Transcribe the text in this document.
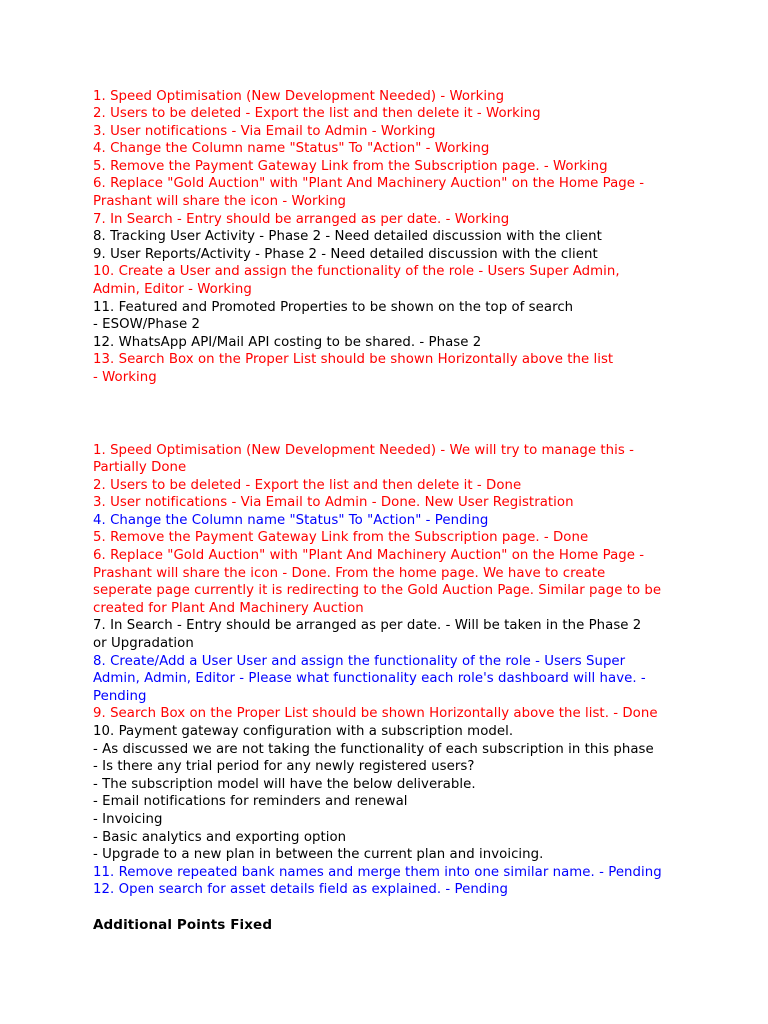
1. Speed Optimisation (New Development Needed) - Working
2. Users to be deleted - Export the list and then delete it - Working
3. User notifications - Via Email to Admin - Working
4. Change the Column name "Status" To "Action" - Working
5. Remove the Payment Gateway Link from the Subscription page. - Working
6. Replace "Gold Auction" with "Plant And Machinery Auction" on the Home Page -
Prashant will share the icon - Working
7. In Search - Entry should be arranged as per date. - Working
8. Tracking User Activity - Phase 2 - Need detailed discussion with the client
9. User Reports/Activity - Phase 2 - Need detailed discussion with the client
10. Create a User and assign the functionality of the role - Users Super Admin,
Admin, Editor - Working
11. Featured and Promoted Properties to be shown on the top of search
- ESOW/Phase 2
12. WhatsApp API/Mail API costing to be shared. - Phase 2
13. Search Box on the Proper List should be shown Horizontally above the list
- Working
1. Speed Optimisation (New Development Needed) - We will try to manage this -
Partially Done
2. Users to be deleted - Export the list and then delete it - Done
3. User notifications - Via Email to Admin - Done. New User Registration
4. Change the Column name "Status" To "Action" - Pending
5. Remove the Payment Gateway Link from the Subscription page. - Done
6. Replace "Gold Auction" with "Plant And Machinery Auction" on the Home Page -
Prashant will share the icon - Done. From the home page. We have to create
seperate page currently it is redirecting to the Gold Auction Page. Similar page to be
created for Plant And Machinery Auction
7. In Search - Entry should be arranged as per date. - Will be taken in the Phase 2
or Upgradation
8. Create/Add a User User and assign the functionality of the role - Users Super
Admin, Admin, Editor - Please what functionality each role's dashboard will have. -
Pending
9. Search Box on the Proper List should be shown Horizontally above the list. - Done
10. Payment gateway configuration with a subscription model.
- As discussed we are not taking the functionality of each subscription in this phase
- Is there any trial period for any newly registered users?
- The subscription model will have the below deliverable.
- Email notifications for reminders and renewal
- Invoicing
- Basic analytics and exporting option
- Upgrade to a new plan in between the current plan and invoicing.
11. Remove repeated bank names and merge them into one similar name. - Pending
12. Open search for asset details field as explained. - Pending
Additional Points Fixed
